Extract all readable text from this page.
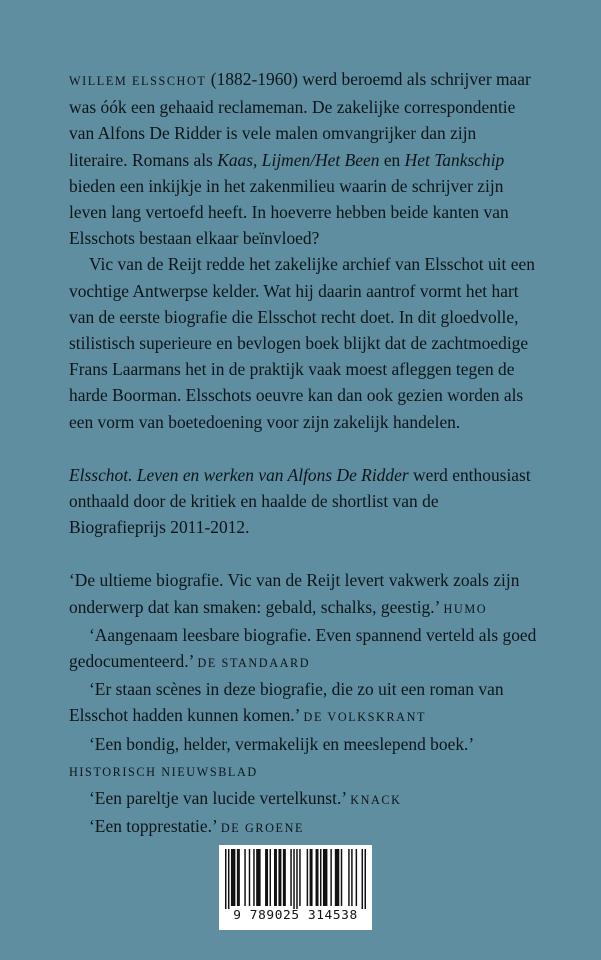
WILLEM ELSSCHOT (1882-1960) werd beroemd als schrijver maar was óók een gehaaid reclameman. De zakelijke correspondentie van Alfons De Ridder is vele malen omvangrijker dan zijn literaire. Romans als Kaas, Lijmen/Het Been en Het Tankschip bieden een inkijkje in het zakenmilieu waarin de schrijver zijn leven lang vertoefd heeft. In hoeverre hebben beide kanten van Elsschots bestaan elkaar beïnvloed?

Vic van de Reijt redde het zakelijke archief van Elsschot uit een vochtige Antwerpse kelder. Wat hij daarin aantrof vormt het hart van de eerste biografie die Elsschot recht doet. In dit gloedvolle, stilistisch superieure en bevlogen boek blijkt dat de zachtmoedige Frans Laarmans het in de praktijk vaak moest afleggen tegen de harde Boorman. Elsschots oeuvre kan dan ook gezien worden als een vorm van boetedoening voor zijn zakelijk handelen.

Elsschot. Leven en werken van Alfons De Ridder werd enthousiast onthaald door de kritiek en haalde de shortlist van de Biografieprijs 2011-2012.

‘De ultieme biografie. Vic van de Reijt levert vakwerk zoals zijn onderwerp dat kan smaken: gebald, schalks, geestig.’ HUMO

‘Aangenaam leesbare biografie. Even spannend verteld als goed gedocumenteerd.’ DE STANDAARD

‘Er staan scènes in deze biografie, die zo uit een roman van Elsschot hadden kunnen komen.’ DE VOLKSKRANT

‘Een bondig, helder, vermakelijk en meeslepend boek.’ HISTORISCH NIEUWSBLAD

‘Een pareltje van lucide vertelkunst.’ KNACK

‘Een topprestatie.’ DE GROENE

9 789025 314538
